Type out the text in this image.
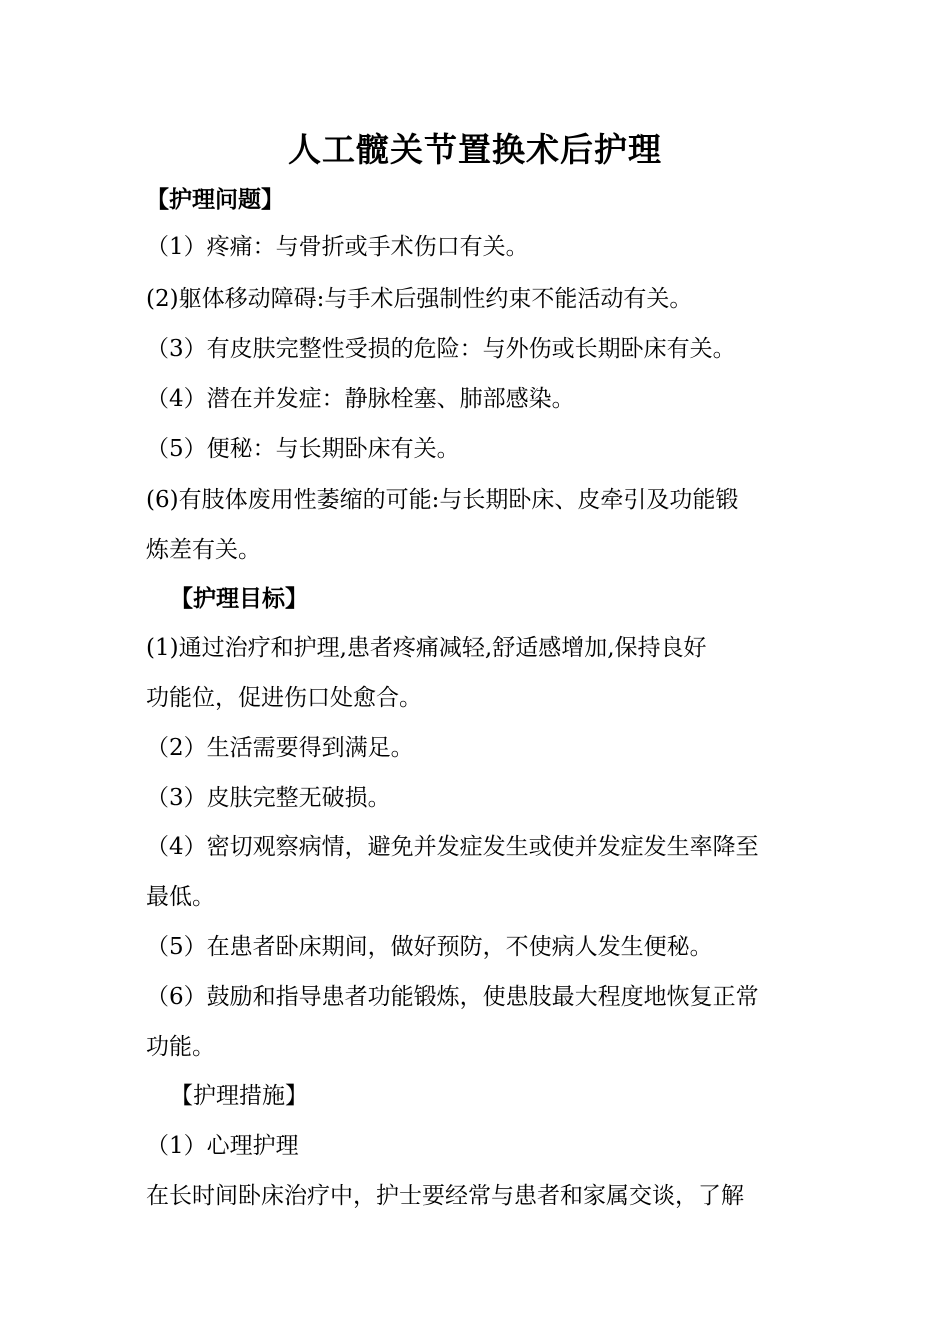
人工髋关节置换术后护理
【护理问题】
（1）疼痛：与骨折或手术伤口有关。
(2)躯体移动障碍:与手术后强制性约束不能活动有关。
（3）有皮肤完整性受损的危险：与外伤或长期卧床有关。
（4）潜在并发症：静脉栓塞、肺部感染。
（5）便秘：与长期卧床有关。
(6)有肢体废用性萎缩的可能:与长期卧床、皮牵引及功能锻
炼差有关。
【护理目标】
(1)通过治疗和护理,患者疼痛减轻,舒适感增加,保持良好
功能位，促进伤口处愈合。
（2）生活需要得到满足。
（3）皮肤完整无破损。
（4）密切观察病情，避免并发症发生或使并发症发生率降至
最低。
（5）在患者卧床期间，做好预防，不使病人发生便秘。
（6）鼓励和指导患者功能锻炼，使患肢最大程度地恢复正常
功能。
【护理措施】
（1）心理护理
在长时间卧床治疗中，护士要经常与患者和家属交谈，了解
